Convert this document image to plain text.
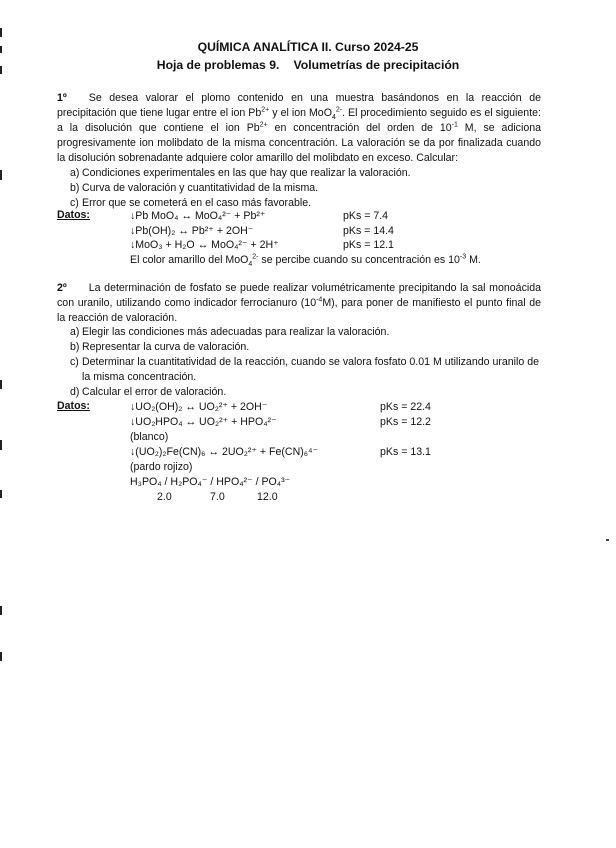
QUÍMICA ANALÍTICA II. Curso 2024-25
Hoja de problemas 9. Volumetrías de precipitación
1º Se desea valorar el plomo contenido en una muestra basándonos en la reacción de precipitación que tiene lugar entre el ion $Pb^{2+}$ y el ion MoO$_4^{2-}$. El procedimiento seguido es el siguiente: a la disolución que contiene el ion $Pb^{2+}$ en concentración del orden de $10^{-1}$ M, se adiciona progresivamente ion molibdato de la misma concentración. La valoración se da por finalizada cuando la disolución sobrenadante adquiere color amarillo del molibdato en exceso. Calcular:
a) Condiciones experimentales en las que hay que realizar la valoración.
b) Curva de valoración y cuantitatividad de la misma.
c) Error que se cometerá en el caso más favorable.
Datos:	↓Pb MoO₄ ↔ MoO₄²⁻ + Pb²⁺	pKs = 7.4
↓Pb(OH)₂ ↔ Pb²⁺ + 2OH⁻	pKs = 14.4
↓MoO₃ + H₂O ↔ MoO₄²⁻ + 2H⁺	pKs = 12.1
El color amarillo del MoO$_4^{2-}$ se percibe cuando su concentración es $10^{-3}$ M.
2º La determinación de fosfato se puede realizar volumétricamente precipitando la sal monoácida con uranilo, utilizando como indicador ferrocianuro $(10^{-4}M)$, para poner de manifiesto el punto final de la reacción de valoración.
a) Elegir las condiciones más adecuadas para realizar la valoración.
b) Representar la curva de valoración.
c) Determinar la cuantitatividad de la reacción, cuando se valora fosfato 0.01 M utilizando uranilo de la misma concentración.
d) Calcular el error de valoración.
Datos:	↓UO₂(OH)₂ ↔ UO₂²⁺ + 2OH⁻	pKs = 22.4
↓UO₂HPO₄ ↔ UO₂²⁺ + HPO₄²⁻	pKs = 12.2
(blanco)
↓(UO₂)₂Fe(CN)₆ ↔ 2UO₂²⁺ + Fe(CN)₆⁴⁻	pKs = 13.1
(pardo rojizo)
H₃PO₄ / H₂PO₄⁻ / HPO₄²⁻ / PO₄³⁻
2.0	7.0	12.0
